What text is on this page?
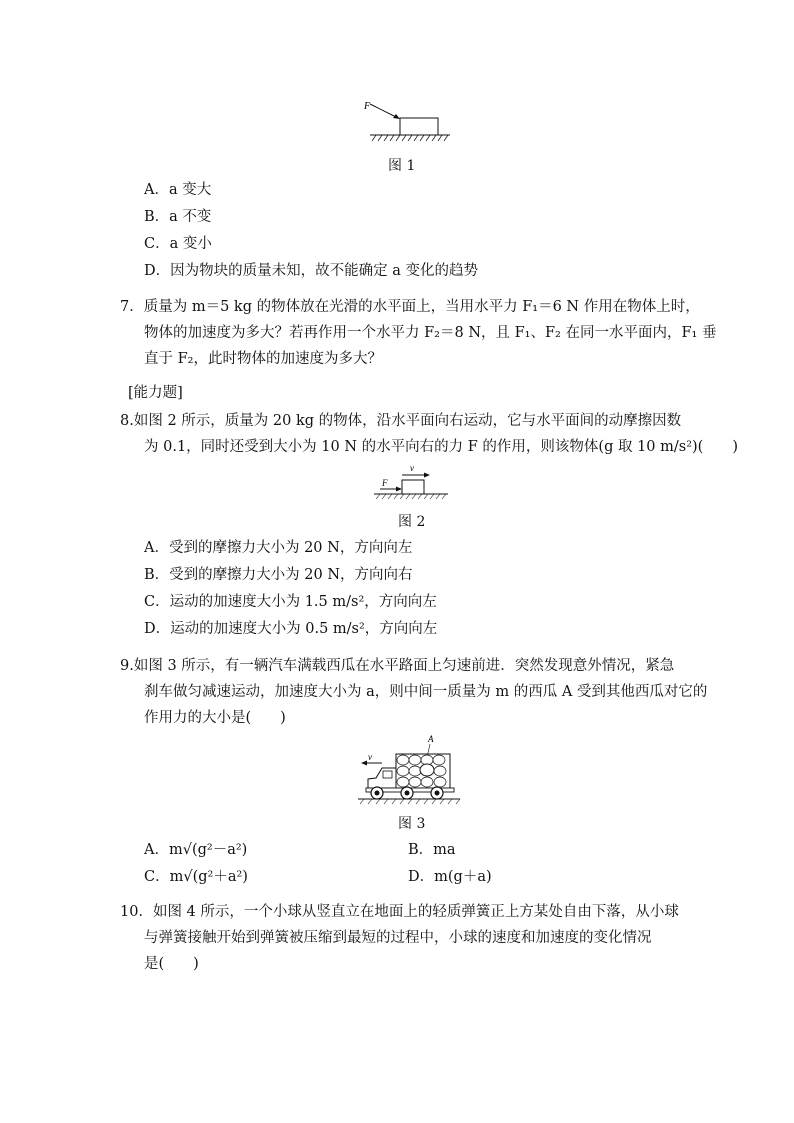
F
图 1
A．a 变大
B．a 不变
C．a 变小
D．因为物块的质量未知，故不能确定 a 变化的趋势
7．质量为 m＝5 kg 的物体放在光滑的水平面上，当用水平力 F₁＝6 N 作用在物体上时，
物体的加速度为多大？若再作用一个水平力 F₂＝8 N，且 F₁、F₂ 在同一水平面内，F₁ 垂
直于 F₂，此时物体的加速度为多大？
[能力题]
8.如图 2 所示，质量为 20 kg 的物体，沿水平面向右运动，它与水平面间的动摩擦因数
为 0.1，同时还受到大小为 10 N 的水平向右的力 F 的作用，则该物体(g 取 10 m/s²)(　　)
v
F
图 2
A．受到的摩擦力大小为 20 N，方向向左
B．受到的摩擦力大小为 20 N，方向向右
C．运动的加速度大小为 1.5 m/s²，方向向左
D．运动的加速度大小为 0.5 m/s²，方向向左
9.如图 3 所示，有一辆汽车满载西瓜在水平路面上匀速前进．突然发现意外情况，紧急
刹车做匀减速运动，加速度大小为 a，则中间一质量为 m 的西瓜 A 受到其他西瓜对它的
作用力的大小是(　　)
v
A
图 3
A．m√(g²－a²)	B．ma
C．m√(g²＋a²)	D．m(g＋a)
10．如图 4 所示，一个小球从竖直立在地面上的轻质弹簧正上方某处自由下落，从小球
与弹簧接触开始到弹簧被压缩到最短的过程中，小球的速度和加速度的变化情况
是(　　)
